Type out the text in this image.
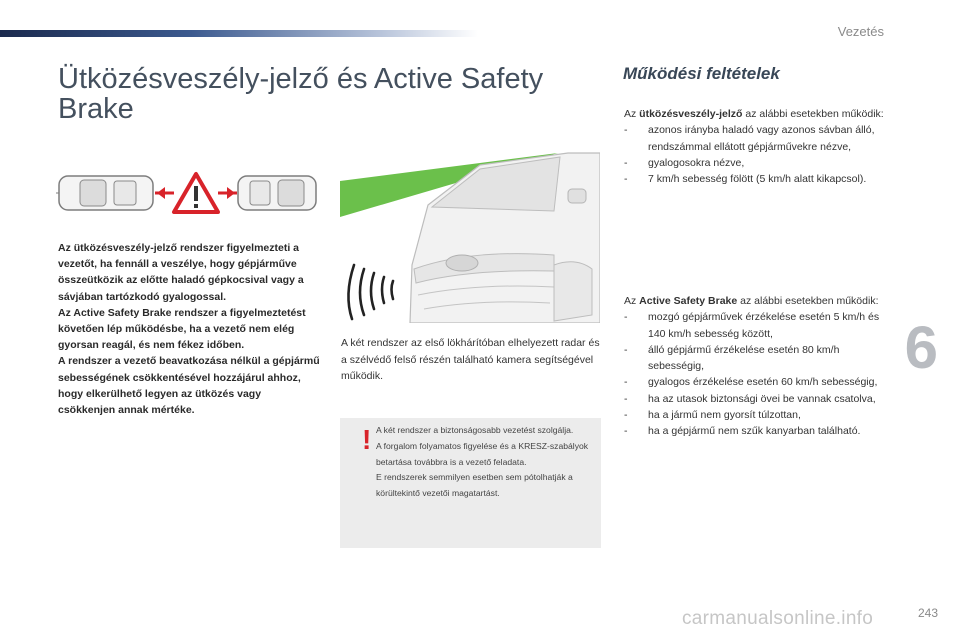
Vezetés
6
Ütközésveszély-jelző és Active Safety Brake

Az ütközésveszély-jelző rendszer figyelmezteti a vezetőt, ha fennáll a veszélye, hogy gépjárműve összeütközik az előtte haladó gépkocsival vagy a sávjában tartózkodó gyalogossal.

Az Active Safety Brake rendszer a figyelmeztetést követően lép működésbe, ha a vezető nem elég gyorsan reagál, és nem fékez időben.

A rendszer a vezető beavatkozása nélkül a gépjármű sebességének csökkentésével hozzájárul ahhoz, hogy elkerülhető legyen az ütközés vagy csökkenjen annak mértéke.

A két rendszer az első lökhárítóban elhelyezett radar és a szélvédő felső részén található kamera segítségével működik.

! A két rendszer a biztonságosabb vezetést szolgálja.

A forgalom folyamatos figyelése és a KRESZ-szabályok betartása továbbra is a vezető feladata.

E rendszerek semmilyen esetben sem pótolhatják a körültekintő vezetői magatartást.

Működési feltételek

Az ütközésveszély-jelző az alábbi esetekben működik:

- azonos irányba haladó vagy azonos sávban álló, rendszámmal ellátott gépjárművekre nézve,
- gyalogosokra nézve,
- 7 km/h sebesség fölött (5 km/h alatt kikapcsol).

Az Active Safety Brake az alábbi esetekben működik:

- mozgó gépjárművek érzékelése esetén 5 km/h és 140 km/h sebesség között,
- álló gépjármű érzékelése esetén 80 km/h sebességig,
- gyalogos érzékelése esetén 60 km/h sebességig,
- ha az utasok biztonsági övei be vannak csatolva,
- ha a jármű nem gyorsít túlzottan,
- ha a gépjármű nem szűk kanyarban található.
243
carmanualsonline.info
